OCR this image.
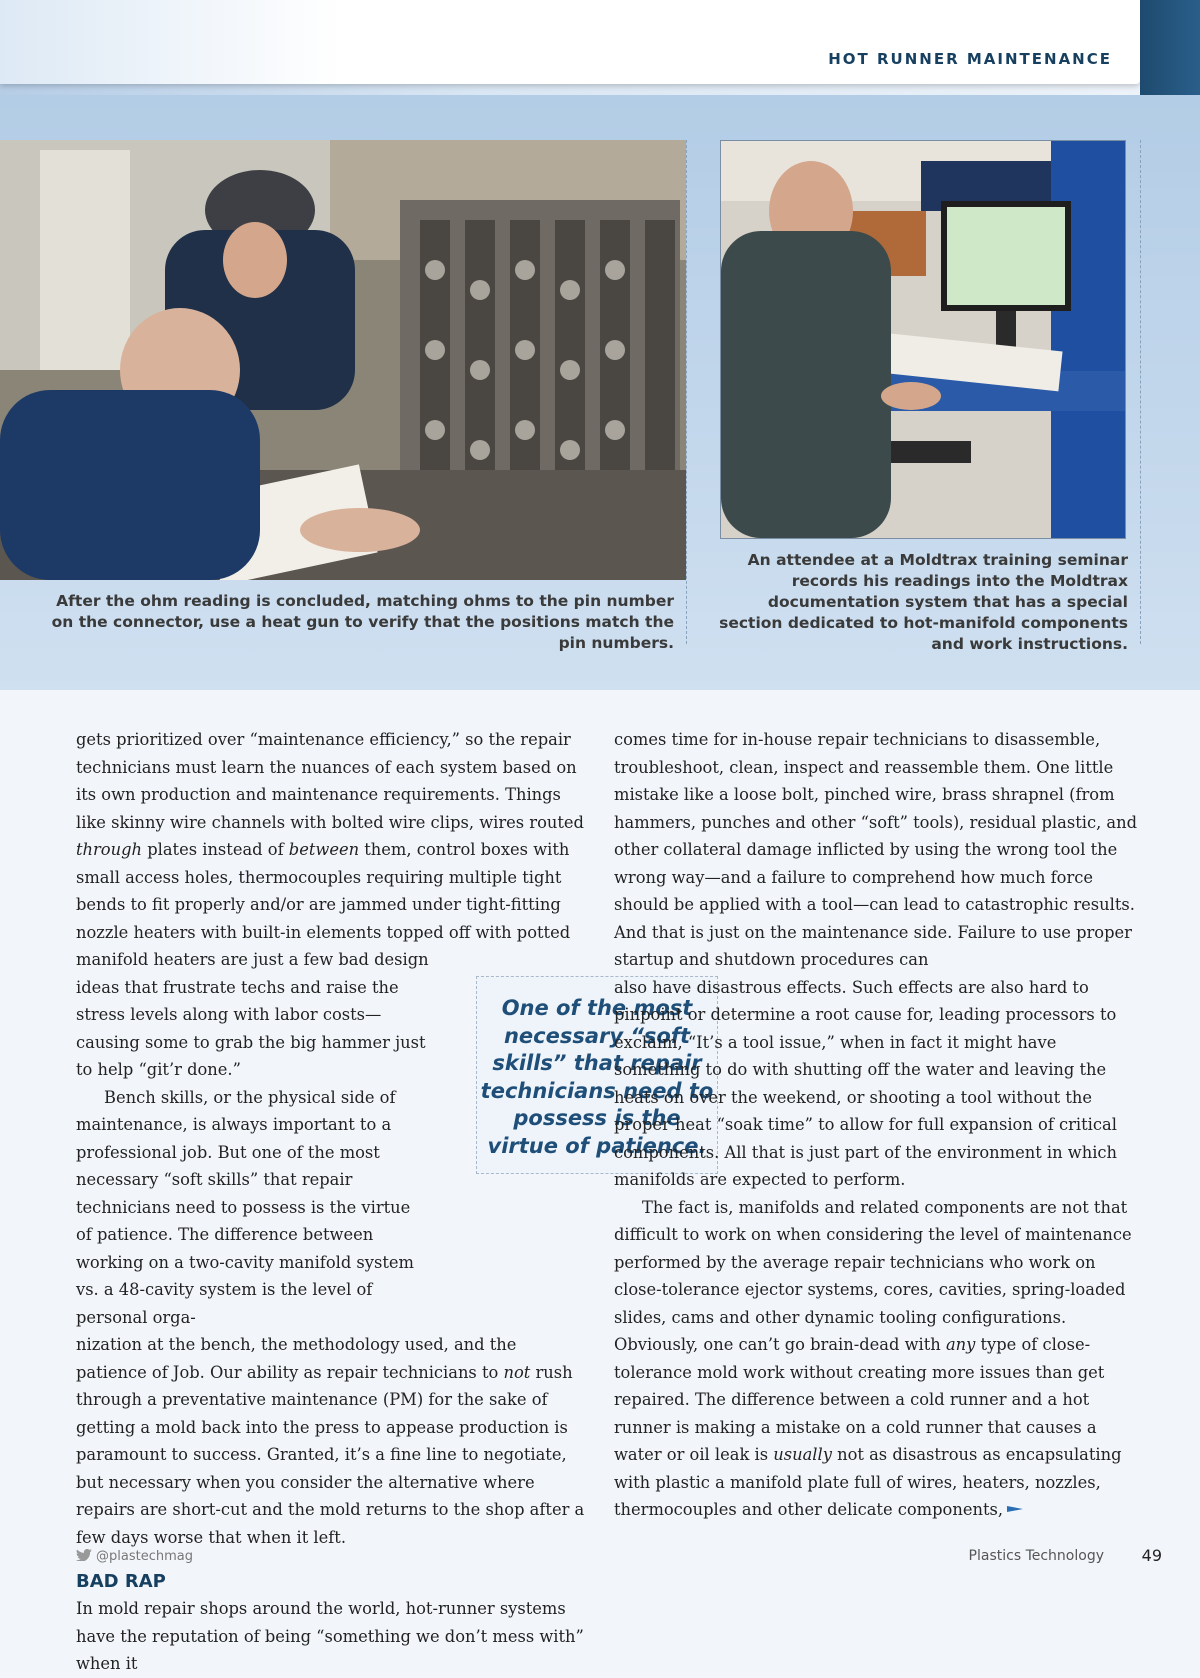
HOT RUNNER MAINTENANCE
After the ohm reading is concluded, matching ohms to the pin number on the connector, use a heat gun to verify that the positions match the pin numbers.
An attendee at a Moldtrax training seminar records his readings into the Moldtrax documentation system that has a special section dedicated to hot-manifold components and work instructions.

gets prioritized over “maintenance efficiency,” so the repair technicians must learn the nuances of each system based on its own production and maintenance requirements. Things like skinny wire channels with bolted wire clips, wires routed through plates instead of between them, control boxes with small access holes, thermocouples requiring multiple tight bends to fit properly and/or are jammed under tight-fitting nozzle heaters with built-in elements topped off with potted manifold heaters are just a few bad design

ideas that frustrate techs and raise the stress levels along with labor costs—causing some to grab the big hammer just to help “git’r done.”

Bench skills, or the physical side of maintenance, is always important to a professional job. But one of the most necessary “soft skills” that repair technicians need to possess is the virtue of patience. The difference between working on a two-cavity manifold system vs. a 48-cavity system is the level of personal orga-

nization at the bench, the methodology used, and the patience of Job. Our ability as repair technicians to not rush through a preventative maintenance (PM) for the sake of getting a mold back into the press to appease production is paramount to success. Granted, it’s a fine line to negotiate, but necessary when you consider the alternative where repairs are short-cut and the mold returns to the shop after a few days worse that when it left.

BAD RAP

In mold repair shops around the world, hot-runner systems have the reputation of being “something we don’t mess with” when it

One of the most necessary “soft skills” that repair technicians need to possess is the virtue of patience.

comes time for in-house repair technicians to disassemble, troubleshoot, clean, inspect and reassemble them. One little mistake like a loose bolt, pinched wire, brass shrapnel (from hammers, punches and other “soft” tools), residual plastic, and other collateral damage inflicted by using the wrong tool the wrong way—and a failure to comprehend how much force should be applied with a tool—can lead to catastrophic results. And that is just on the maintenance side. Failure to use proper startup and shutdown procedures can

also have disastrous effects. Such effects are also hard to pinpoint or determine a root cause for, leading processors to exclaim, “It’s a tool issue,” when in fact it might have something to do with shutting off the water and leaving the heats on over the weekend, or shooting a tool without the proper heat “soak time” to allow for full expansion of critical components. All that is just part of the environment in which manifolds are expected to perform.

The fact is, manifolds and related components are not that difficult to work on when considering the level of maintenance performed by the average repair technicians who work on close-tolerance ejector systems, cores, cavities, spring-loaded slides, cams and other dynamic tooling configurations. Obviously, one can’t go brain-dead with any type of close-tolerance mold work without creating more issues than get repaired. The difference between a cold runner and a hot runner is making a mistake on a cold runner that causes a water or oil leak is usually not as disastrous as encapsulating with plastic a manifold plate full of wires, heaters, nozzles, thermocouples and other delicate components,

@plastechmag	Plastics Technology 49
